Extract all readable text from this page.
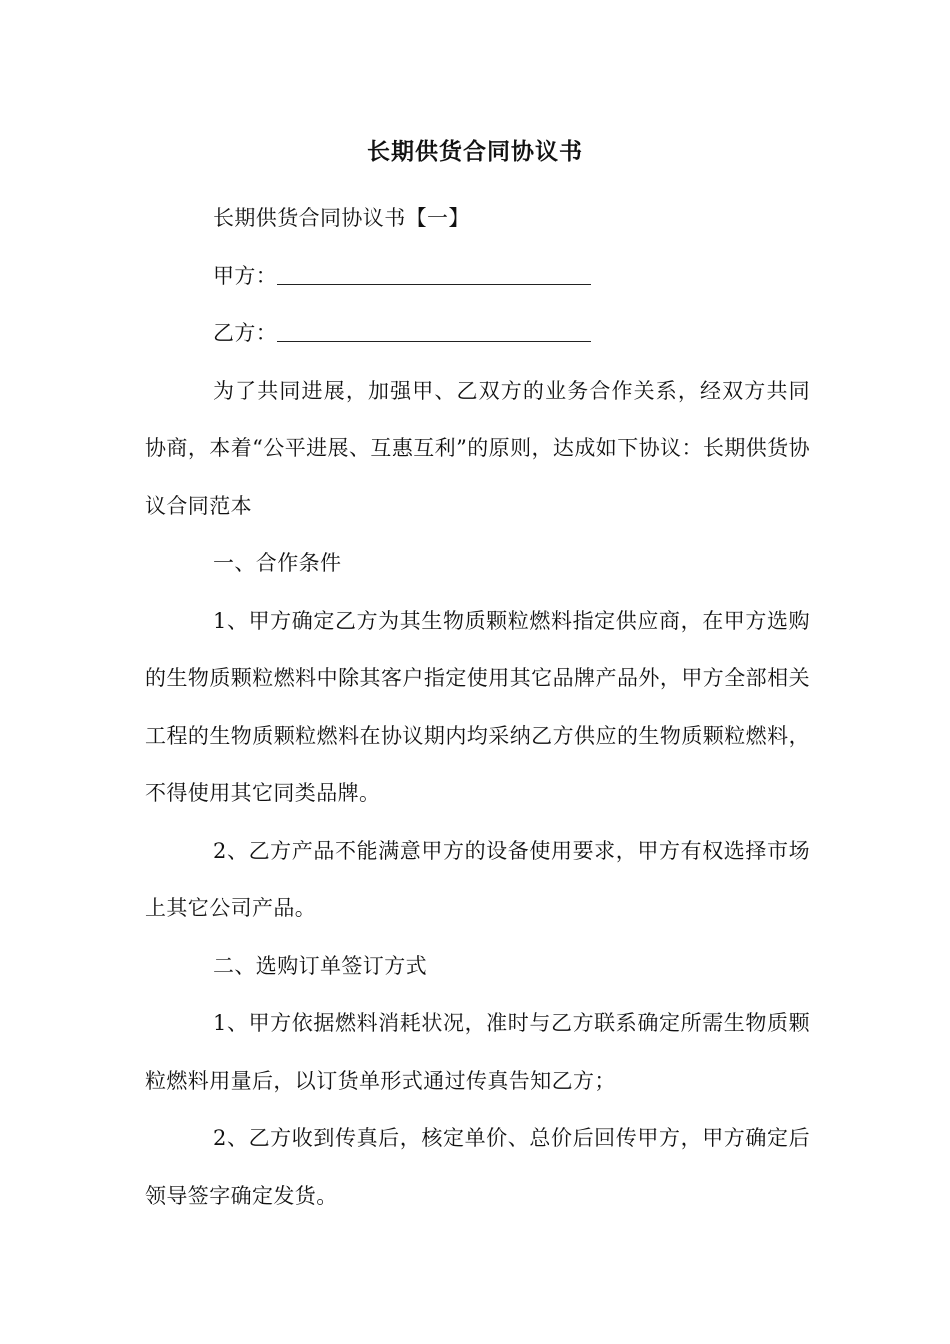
长期供货合同协议书

长期供货合同协议书【一】

甲方：

乙方：

为了共同进展，加强甲、乙双方的业务合作关系，经双方共同协商，本着“公平进展、互惠互利”的原则，达成如下协议：长期供货协议合同范本

一、合作条件

1、甲方确定乙方为其生物质颗粒燃料指定供应商，在甲方选购的生物质颗粒燃料中除其客户指定使用其它品牌产品外，甲方全部相关工程的生物质颗粒燃料在协议期内均采纳乙方供应的生物质颗粒燃料，不得使用其它同类品牌。

2、乙方产品不能满意甲方的设备使用要求，甲方有权选择市场上其它公司产品。

二、选购订单签订方式

1、甲方依据燃料消耗状况，准时与乙方联系确定所需生物质颗粒燃料用量后，以订货单形式通过传真告知乙方；

2、乙方收到传真后，核定单价、总价后回传甲方，甲方确定后领导签字确定发货。
